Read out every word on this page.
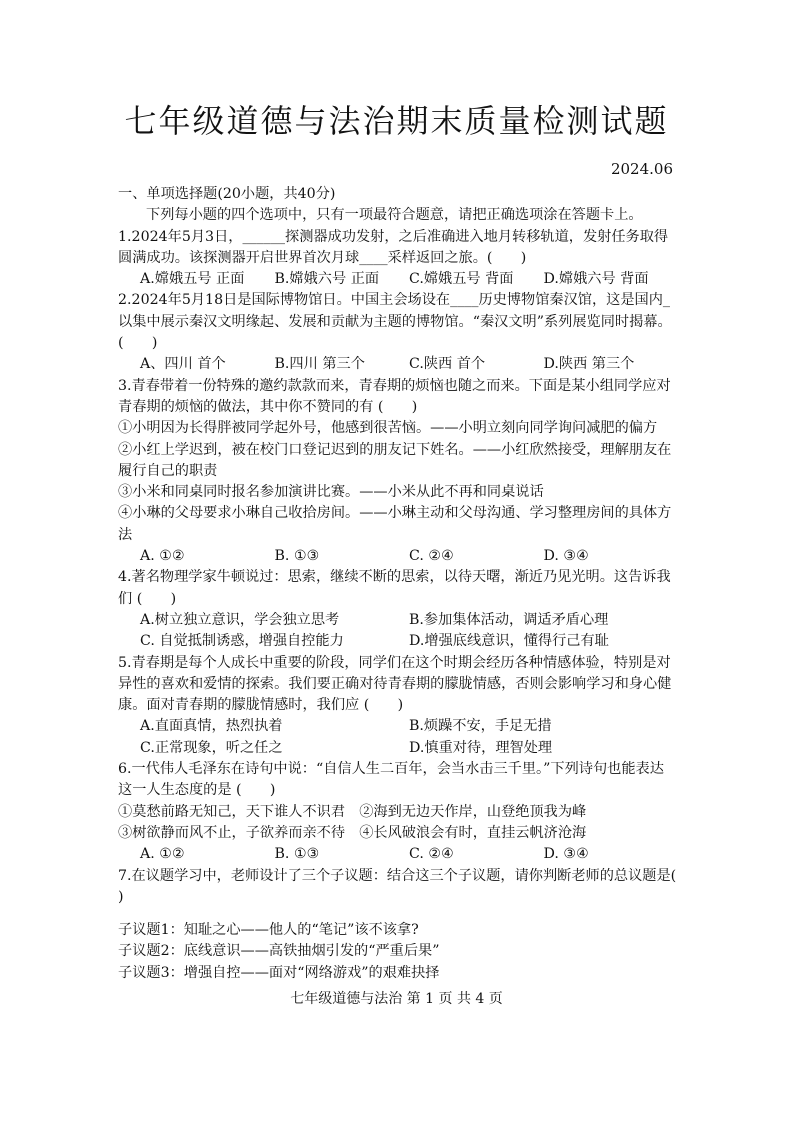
七年级道德与法治期末质量检测试题
2024.06
一、单项选择题(20小题，共40分)
下列每小题的四个选项中，只有一项最符合题意，请把正确选项涂在答题卡上。
1.2024年5月3日，______探测器成功发射，之后准确进入地月转移轨道，发射任务取得
圆满成功。该探测器开启世界首次月球____采样返回之旅。(　　)
A.嫦娥五号 正面	B.嫦娥六号 正面	C.嫦娥五号 背面	D.嫦娥六号 背面
2.2024年5月18日是国际博物馆日。中国主会场设在____历史博物馆秦汉馆，这是国内_
以集中展示秦汉文明缘起、发展和贡献为主题的博物馆。“秦汉文明”系列展览同时揭幕。
(　　)
A、四川 首个	B.四川 第三个	C.陕西 首个	D.陕西 第三个
3.青春带着一份特殊的邀约款款而来，青春期的烦恼也随之而来。下面是某小组同学应对
青春期的烦恼的做法，其中你不赞同的有 (　　)
①小明因为长得胖被同学起外号，他感到很苦恼。——小明立刻向同学询问减肥的偏方
②小红上学迟到，被在校门口登记迟到的朋友记下姓名。——小红欣然接受，理解朋友在
履行自己的职责
③小米和同桌同时报名参加演讲比赛。——小米从此不再和同桌说话
④小琳的父母要求小琳自己收拾房间。——小琳主动和父母沟通、学习整理房间的具体方
法
A. ①②	B. ①③	C. ②④	D. ③④
4.著名物理学家牛顿说过：思索，继续不断的思索，以待天曙，渐近乃见光明。这告诉我
们 (　　)
A.树立独立意识，学会独立思考	B.参加集体活动，调适矛盾心理
C. 自觉抵制诱惑，增强自控能力	D.增强底线意识，懂得行己有耻
5.青春期是每个人成长中重要的阶段，同学们在这个时期会经历各种情感体验，特别是对
异性的喜欢和爱情的探索。我们要正确对待青春期的朦胧情感，否则会影响学习和身心健
康。面对青春期的朦胧情感时，我们应 (　　)
A.直面真情，热烈执着	B.烦躁不安，手足无措
C.正常现象，听之任之	D.慎重对待，理智处理
6.一代伟人毛泽东在诗句中说：“自信人生二百年，会当水击三千里。”下列诗句也能表达
这一人生态度的是 (　　)
①莫愁前路无知己，天下谁人不识君　②海到无边天作岸，山登绝顶我为峰
③树欲静而风不止，子欲养而亲不待　④长风破浪会有时，直挂云帆济沧海
A. ①②	B. ①③	C. ②④	D. ③④
7.在议题学习中，老师设计了三个子议题：结合这三个子议题，请你判断老师的总议题是(
)
子议题1：知耻之心——他人的“笔记”该不该拿?
子议题2：底线意识——高铁抽烟引发的“严重后果”
子议题3：增强自控——面对“网络游戏”的艰难抉择
七年级道德与法治 第 1 页 共 4 页
